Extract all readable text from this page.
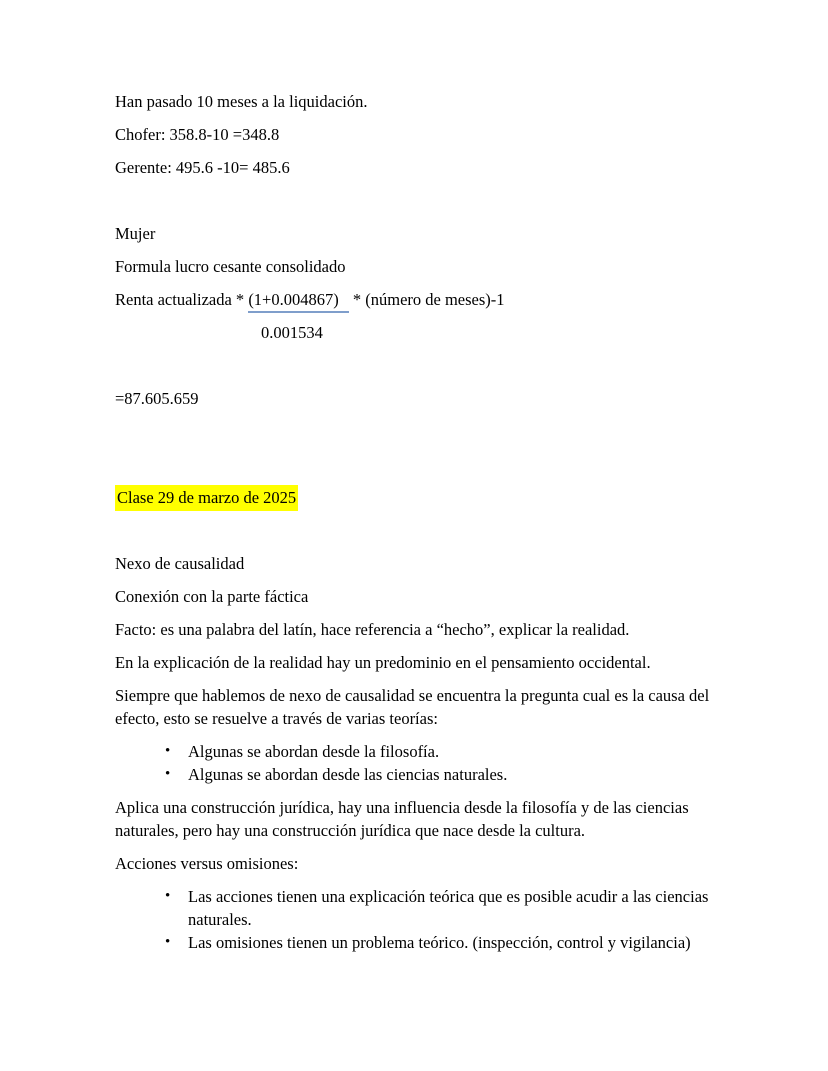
Han pasado 10 meses a la liquidación.

Chofer: 358.8-10 =348.8

Gerente: 495.6 -10= 485.6

Mujer

Formula lucro cesante consolidado

Renta actualizada * (1+0.004867) * (número de meses)-1

0.001534

=87.605.659

Clase 29 de marzo de 2025

Nexo de causalidad

Conexión con la parte fáctica

Facto: es una palabra del latín, hace referencia a “hecho”, explicar la realidad.

En la explicación de la realidad hay un predominio en el pensamiento occidental.

Siempre que hablemos de nexo de causalidad se encuentra la pregunta cual es la causa del efecto, esto se resuelve a través de varias teorías:

•	Algunas se abordan desde la filosofía.
•	Algunas se abordan desde las ciencias naturales.

Aplica una construcción jurídica, hay una influencia desde la filosofía y de las ciencias naturales, pero hay una construcción jurídica que nace desde la cultura.

Acciones versus omisiones:

•	Las acciones tienen una explicación teórica que es posible acudir a las ciencias naturales.
•	Las omisiones tienen un problema teórico. (inspección, control y vigilancia)
